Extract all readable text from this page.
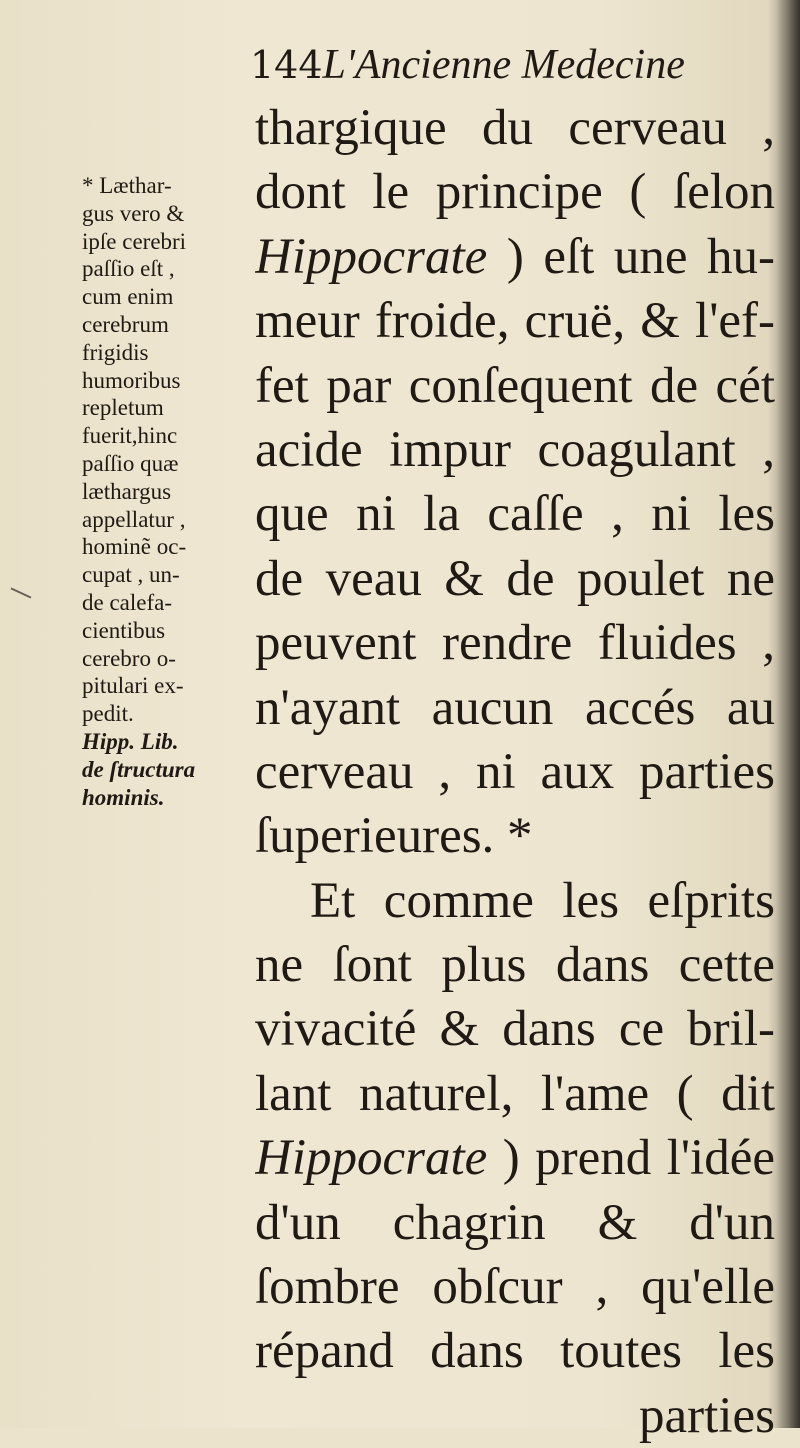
144L'Ancienne Medecine
* Læthar-
gus vero &
ipſe cerebri
paſſio eſt ,
cum enim
cerebrum
frigidis
humoribus
repletum
fuerit,hinc
paſſio quæ
læthargus
appellatur ,
hominẽ oc-
cupat , un-
de calefa-
cientibus
cerebro o-
pitulari ex-
pedit.
Hipp. Lib.
de ſtructura
hominis.
thargique du cerveau ,
dont le principe ( ſelon
Hippocrate ) eſt une hu-
meur froide, cruë, & l'ef-
fet par conſequent de cét
acide impur coagulant ,
que ni la caſſe , ni les
de veau & de poulet ne
peuvent rendre fluides ,
n'ayant aucun accés au
cerveau , ni aux parties
ſuperieures. *
Et comme les eſprits
ne ſont plus dans cette
vivacité & dans ce bril-
lant naturel, l'ame ( dit
Hippocrate ) prend l'idée
d'un chagrin & d'un
ſombre obſcur , qu'elle
répand dans toutes les
parties
